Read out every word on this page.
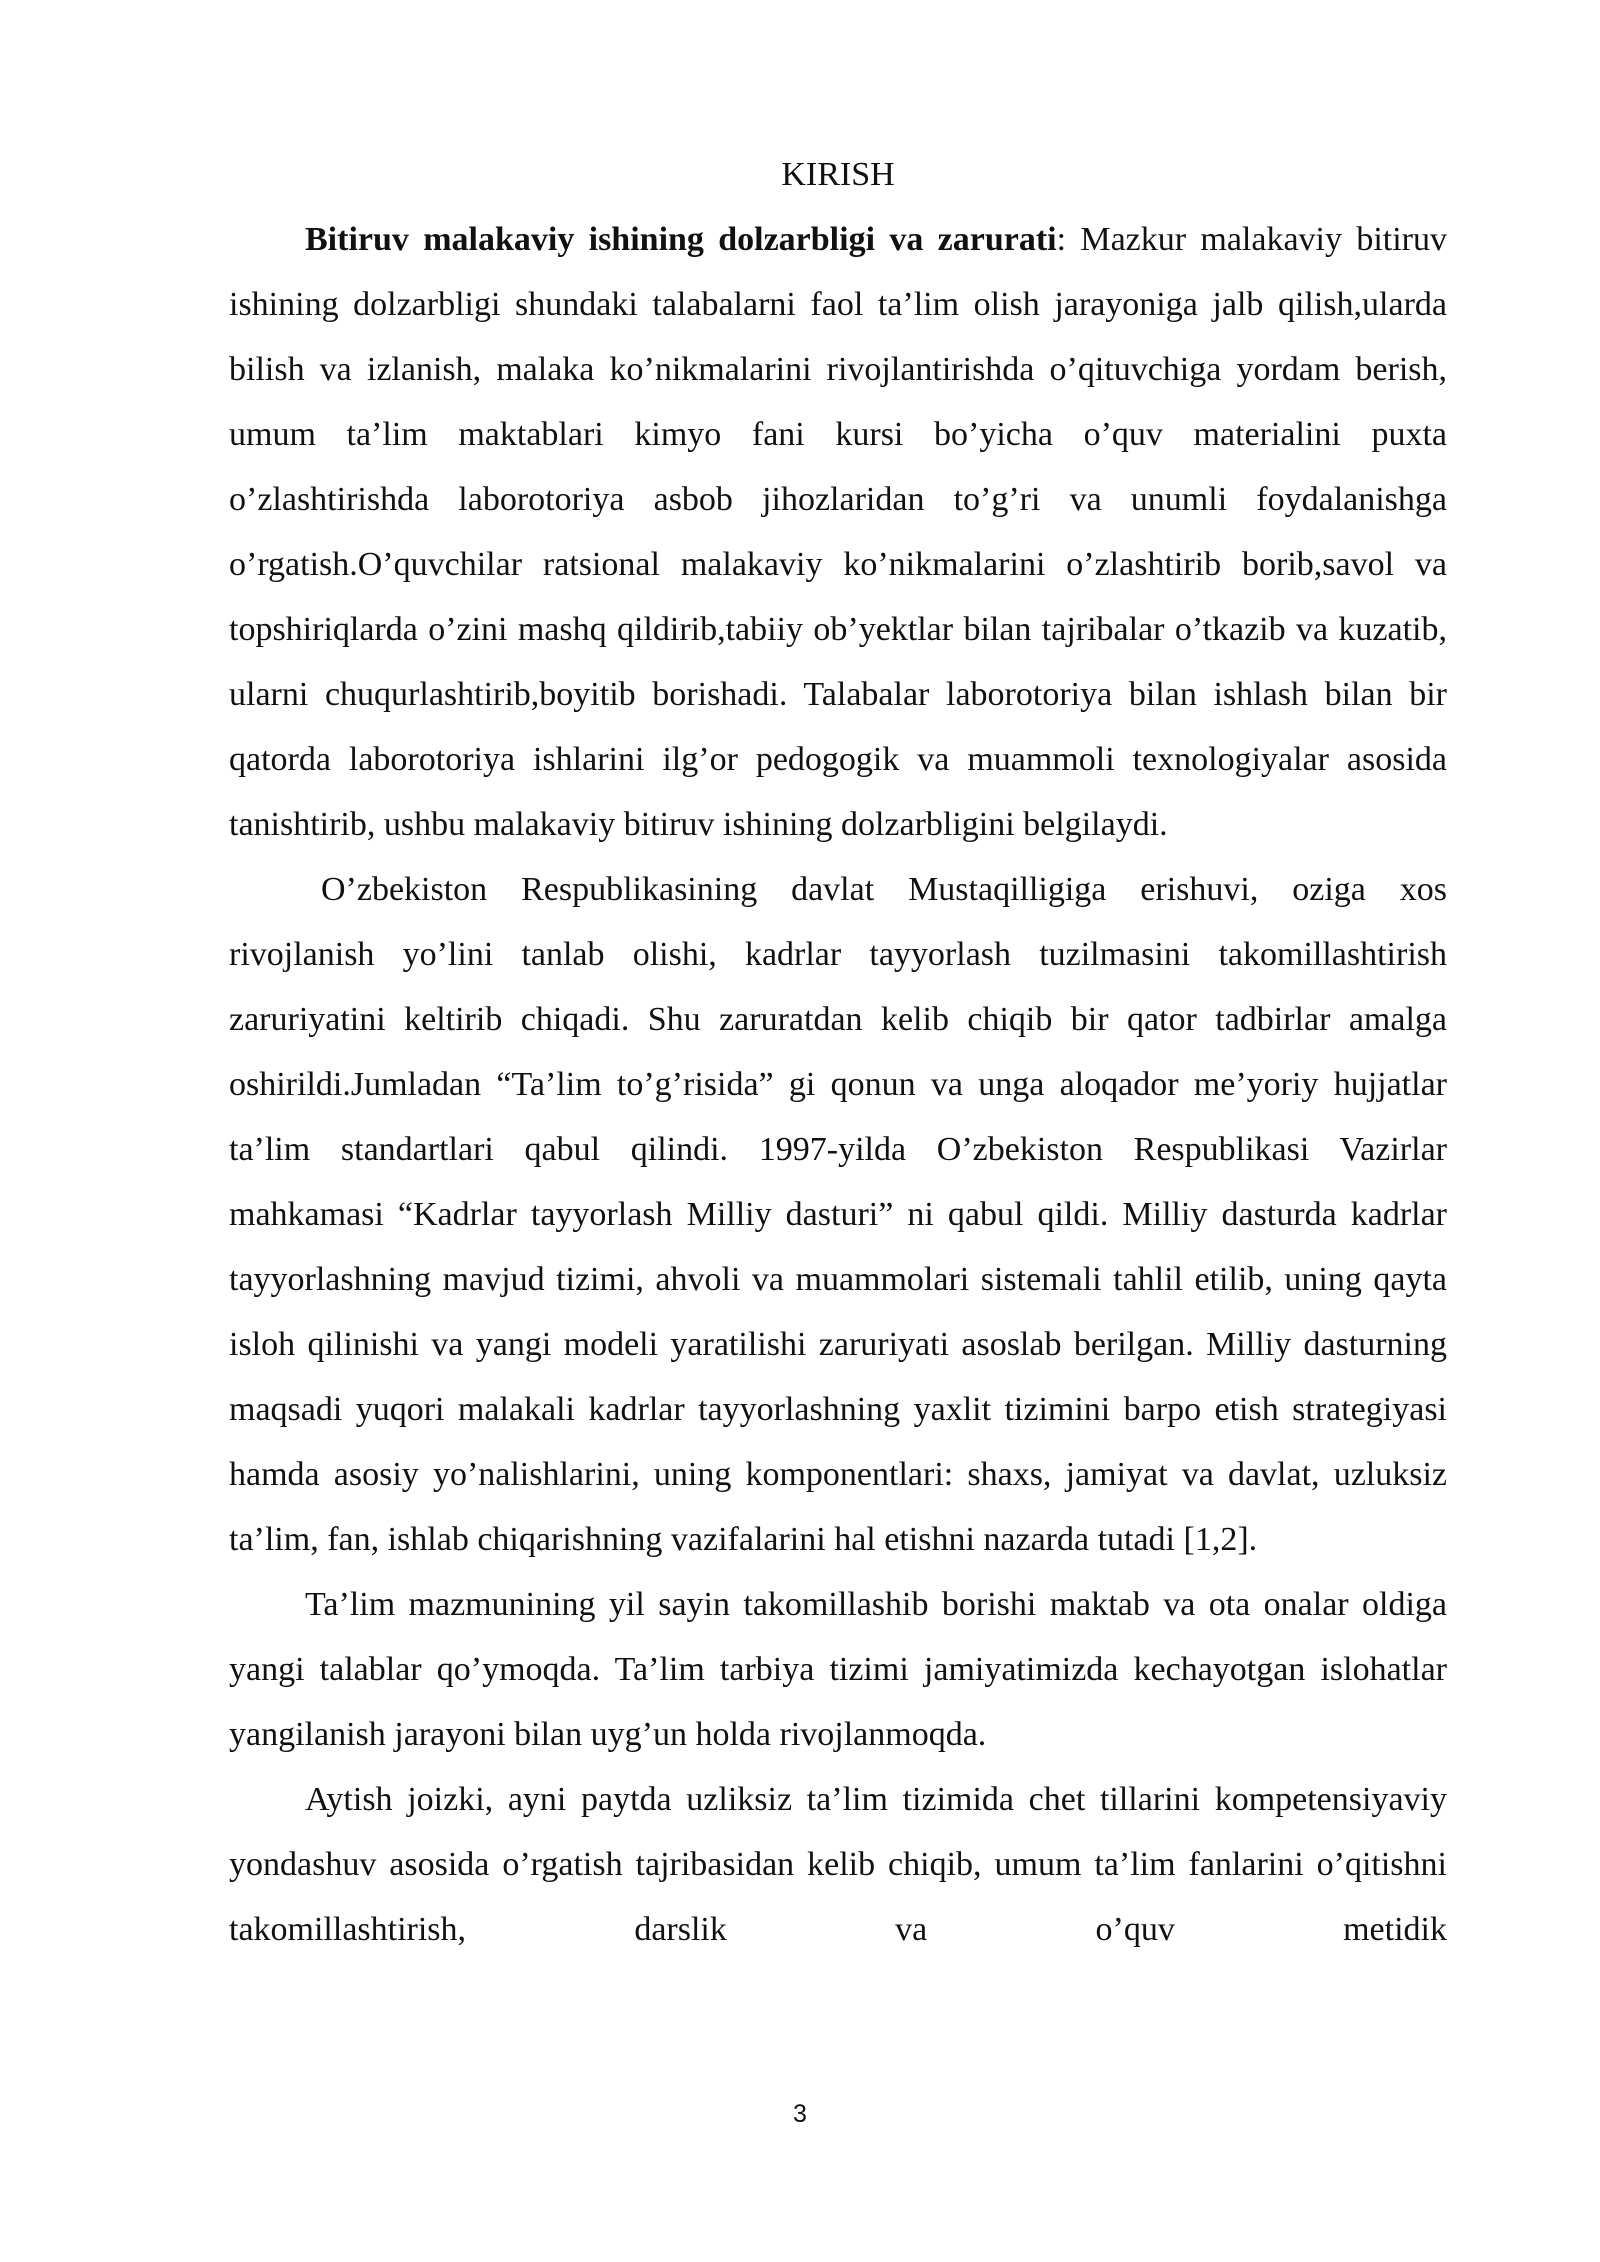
KIRISH

Bitiruv malakaviy ishining dolzarbligi va zarurati: Mazkur malakaviy bitiruv ishining dolzarbligi shundaki talabalarni faol ta’lim olish jarayoniga jalb qilish,ularda bilish va izlanish, malaka ko’nikmalarini rivojlantirishda o’qituvchiga yordam berish, umum ta’lim maktablari kimyo fani kursi bo’yicha o’quv materialini puxta o’zlashtirishda laborotoriya asbob jihozlaridan to’g’ri va unumli foydalanishga o’rgatish.O’quvchilar ratsional malakaviy ko’nikmalarini o’zlashtirib borib,savol va topshiriqlarda o’zini mashq qildirib,tabiiy ob’yektlar bilan tajribalar o’tkazib va kuzatib, ularni chuqurlashtirib,boyitib borishadi. Talabalar laborotoriya bilan ishlash bilan bir qatorda laborotoriya ishlarini ilg’or pedogogik va muammoli texnologiyalar asosida tanishtirib, ushbu malakaviy bitiruv ishining dolzarbligini belgilaydi.

O’zbekiston Respublikasining davlat Mustaqilligiga erishuvi, oziga xos rivojlanish yo’lini tanlab olishi, kadrlar tayyorlash tuzilmasini takomillashtirish zaruriyatini keltirib chiqadi. Shu zaruratdan kelib chiqib bir qator tadbirlar amalga oshirildi.Jumladan “Ta’lim to’g’risida” gi qonun va unga aloqador me’yoriy hujjatlar ta’lim standartlari qabul qilindi. 1997-yilda O’zbekiston Respublikasi Vazirlar mahkamasi “Kadrlar tayyorlash Milliy dasturi” ni qabul qildi. Milliy dasturda kadrlar tayyorlashning mavjud tizimi, ahvoli va muammolari sistemali tahlil etilib, uning qayta isloh qilinishi va yangi modeli yaratilishi zaruriyati asoslab berilgan. Milliy dasturning maqsadi yuqori malakali kadrlar tayyorlashning yaxlit tizimini barpo etish strategiyasi hamda asosiy yo’nalishlarini, uning komponentlari: shaxs, jamiyat va davlat, uzluksiz ta’lim, fan, ishlab chiqarishning vazifalarini hal etishni nazarda tutadi [1,2].

Ta’lim mazmunining yil sayin takomillashib borishi maktab va ota onalar oldiga yangi talablar qo’ymoqda. Ta’lim tarbiya tizimi jamiyatimizda kechayotgan islohatlar yangilanish jarayoni bilan uyg’un holda rivojlanmoqda.

Aytish joizki, ayni paytda uzliksiz ta’lim tizimida chet tillarini kompetensiyaviy yondashuv asosida o’rgatish tajribasidan kelib chiqib, umum ta’lim fanlarini o’qitishni takomillashtirish, darslik va o’quv metidik

3
